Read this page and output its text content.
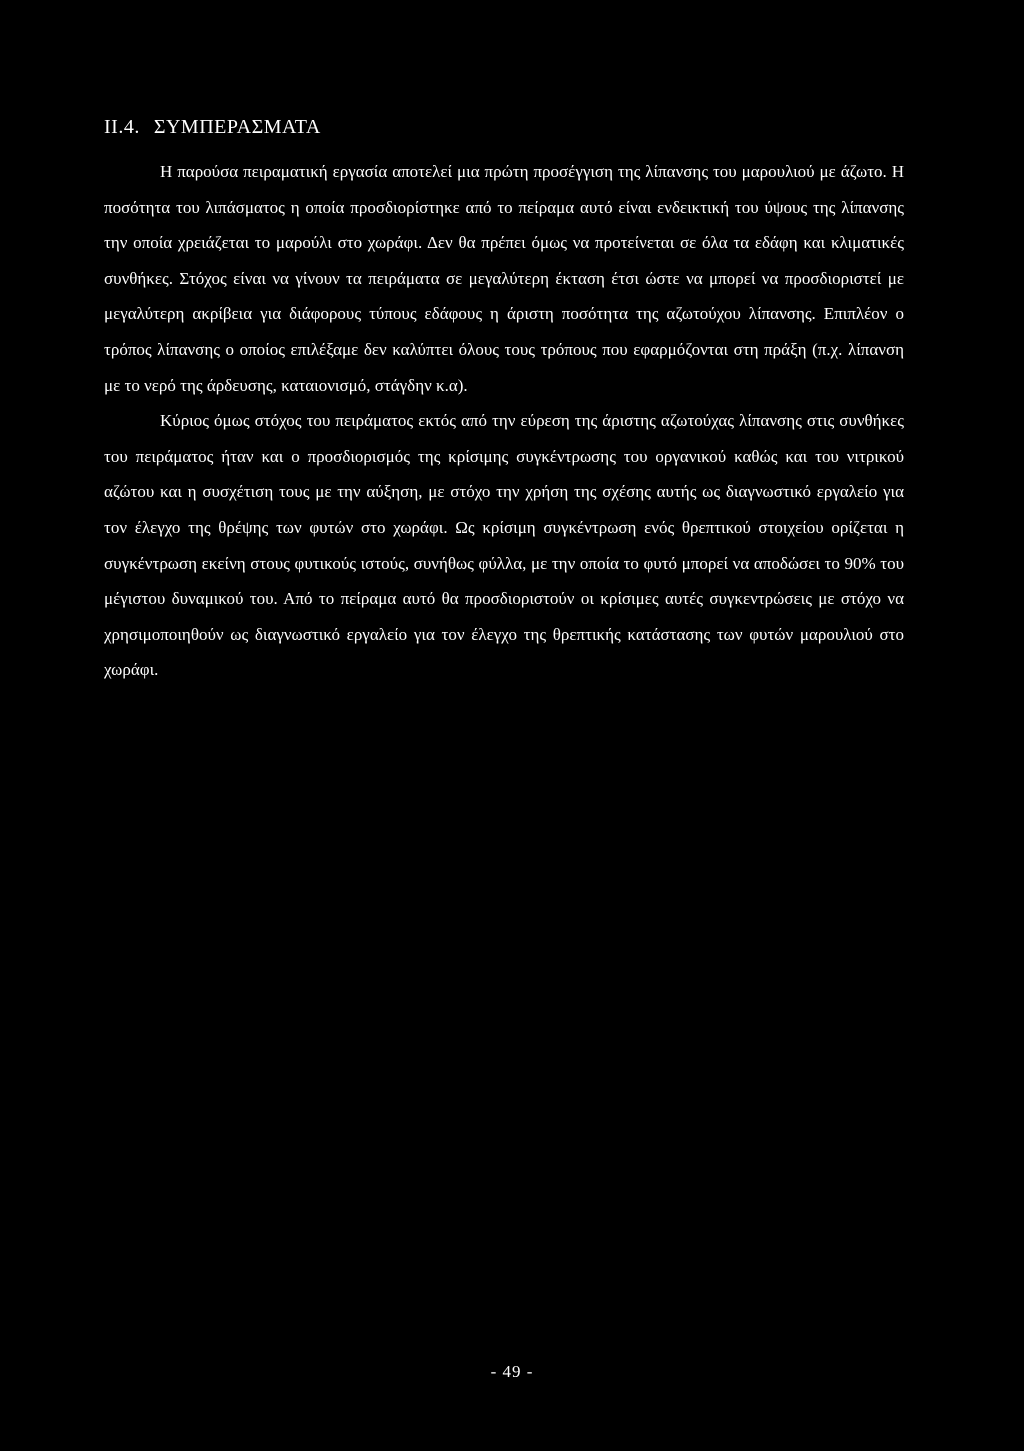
II.4. ΣΥΜΠΕΡΑΣΜΑΤΑ

Η παρούσα πειραματική εργασία αποτελεί μια πρώτη προσέγγιση της λίπανσης του μαρουλιού με άζωτο. Η ποσότητα του λιπάσματος η οποία προσδιορίστηκε από το πείραμα αυτό είναι ενδεικτική του ύψους της λίπανσης την οποία χρειάζεται το μαρούλι στο χωράφι. Δεν θα πρέπει όμως να προτείνεται σε όλα τα εδάφη και κλιματικές συνθήκες. Στόχος είναι να γίνουν τα πειράματα σε μεγαλύτερη έκταση έτσι ώστε να μπορεί να προσδιοριστεί με μεγαλύτερη ακρίβεια για διάφορους τύπους εδάφους η άριστη ποσότητα της αζωτούχου λίπανσης. Επιπλέον ο τρόπος λίπανσης ο οποίος επιλέξαμε δεν καλύπτει όλους τους τρόπους που εφαρμόζονται στη πράξη (π.χ. λίπανση με το νερό της άρδευσης, καταιονισμό, στάγδην κ.α).

Κύριος όμως στόχος του πειράματος εκτός από την εύρεση της άριστης αζωτούχας λίπανσης στις συνθήκες του πειράματος ήταν και ο προσδιορισμός της κρίσιμης συγκέντρωσης του οργανικού καθώς και του νιτρικού αζώτου και η συσχέτιση τους με την αύξηση, με στόχο την χρήση της σχέσης αυτής ως διαγνωστικό εργαλείο για τον έλεγχο της θρέψης των φυτών στο χωράφι. Ως κρίσιμη συγκέντρωση ενός θρεπτικού στοιχείου ορίζεται η συγκέντρωση εκείνη στους φυτικούς ιστούς, συνήθως φύλλα, με την οποία το φυτό μπορεί να αποδώσει το 90% του μέγιστου δυναμικού του. Από το πείραμα αυτό θα προσδιοριστούν οι κρίσιμες αυτές συγκεντρώσεις με στόχο να χρησιμοποιηθούν ως διαγνωστικό εργαλείο για τον έλεγχο της θρεπτικής κατάστασης των φυτών μαρουλιού στο χωράφι.

- 49 -
